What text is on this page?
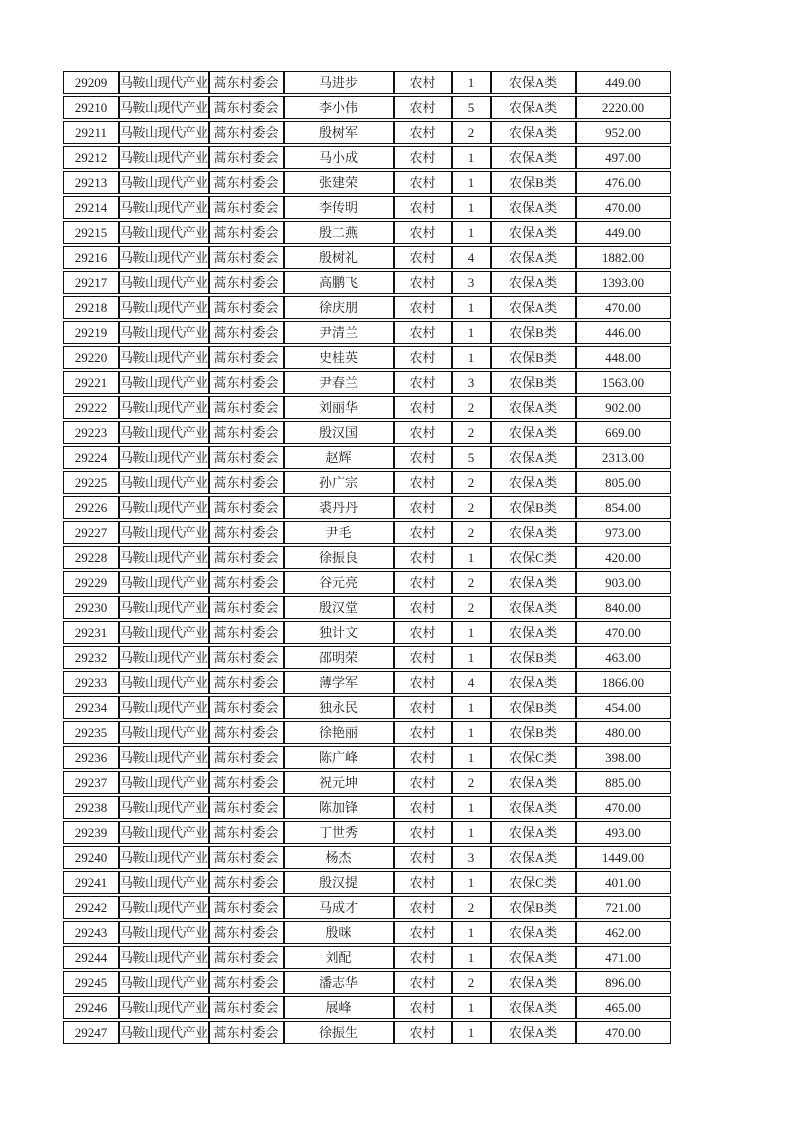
29209	马鞍山现代产业	蒿东村委会	马进步	农村	1	农保A类	449.00
29210	马鞍山现代产业	蒿东村委会	李小伟	农村	5	农保A类	2220.00
29211	马鞍山现代产业	蒿东村委会	殷树军	农村	2	农保A类	952.00
29212	马鞍山现代产业	蒿东村委会	马小成	农村	1	农保A类	497.00
29213	马鞍山现代产业	蒿东村委会	张建荣	农村	1	农保B类	476.00
29214	马鞍山现代产业	蒿东村委会	李传明	农村	1	农保A类	470.00
29215	马鞍山现代产业	蒿东村委会	殷二燕	农村	1	农保A类	449.00
29216	马鞍山现代产业	蒿东村委会	殷树礼	农村	4	农保A类	1882.00
29217	马鞍山现代产业	蒿东村委会	高鹏飞	农村	3	农保A类	1393.00
29218	马鞍山现代产业	蒿东村委会	徐庆朋	农村	1	农保A类	470.00
29219	马鞍山现代产业	蒿东村委会	尹清兰	农村	1	农保B类	446.00
29220	马鞍山现代产业	蒿东村委会	史桂英	农村	1	农保B类	448.00
29221	马鞍山现代产业	蒿东村委会	尹春兰	农村	3	农保B类	1563.00
29222	马鞍山现代产业	蒿东村委会	刘丽华	农村	2	农保A类	902.00
29223	马鞍山现代产业	蒿东村委会	殷汉国	农村	2	农保A类	669.00
29224	马鞍山现代产业	蒿东村委会	赵辉	农村	5	农保A类	2313.00
29225	马鞍山现代产业	蒿东村委会	孙广宗	农村	2	农保A类	805.00
29226	马鞍山现代产业	蒿东村委会	裘丹丹	农村	2	农保B类	854.00
29227	马鞍山现代产业	蒿东村委会	尹毛	农村	2	农保A类	973.00
29228	马鞍山现代产业	蒿东村委会	徐振良	农村	1	农保C类	420.00
29229	马鞍山现代产业	蒿东村委会	谷元亮	农村	2	农保A类	903.00
29230	马鞍山现代产业	蒿东村委会	殷汉堂	农村	2	农保A类	840.00
29231	马鞍山现代产业	蒿东村委会	独计文	农村	1	农保A类	470.00
29232	马鞍山现代产业	蒿东村委会	邵明荣	农村	1	农保B类	463.00
29233	马鞍山现代产业	蒿东村委会	薄学军	农村	4	农保A类	1866.00
29234	马鞍山现代产业	蒿东村委会	独永民	农村	1	农保B类	454.00
29235	马鞍山现代产业	蒿东村委会	徐艳丽	农村	1	农保B类	480.00
29236	马鞍山现代产业	蒿东村委会	陈广峰	农村	1	农保C类	398.00
29237	马鞍山现代产业	蒿东村委会	祝元坤	农村	2	农保A类	885.00
29238	马鞍山现代产业	蒿东村委会	陈加锋	农村	1	农保A类	470.00
29239	马鞍山现代产业	蒿东村委会	丁世秀	农村	1	农保A类	493.00
29240	马鞍山现代产业	蒿东村委会	杨杰	农村	3	农保A类	1449.00
29241	马鞍山现代产业	蒿东村委会	殷汉提	农村	1	农保C类	401.00
29242	马鞍山现代产业	蒿东村委会	马成才	农村	2	农保B类	721.00
29243	马鞍山现代产业	蒿东村委会	殷咪	农村	1	农保A类	462.00
29244	马鞍山现代产业	蒿东村委会	刘配	农村	1	农保A类	471.00
29245	马鞍山现代产业	蒿东村委会	潘志华	农村	2	农保A类	896.00
29246	马鞍山现代产业	蒿东村委会	展峰	农村	1	农保A类	465.00
29247	马鞍山现代产业	蒿东村委会	徐振生	农村	1	农保A类	470.00
